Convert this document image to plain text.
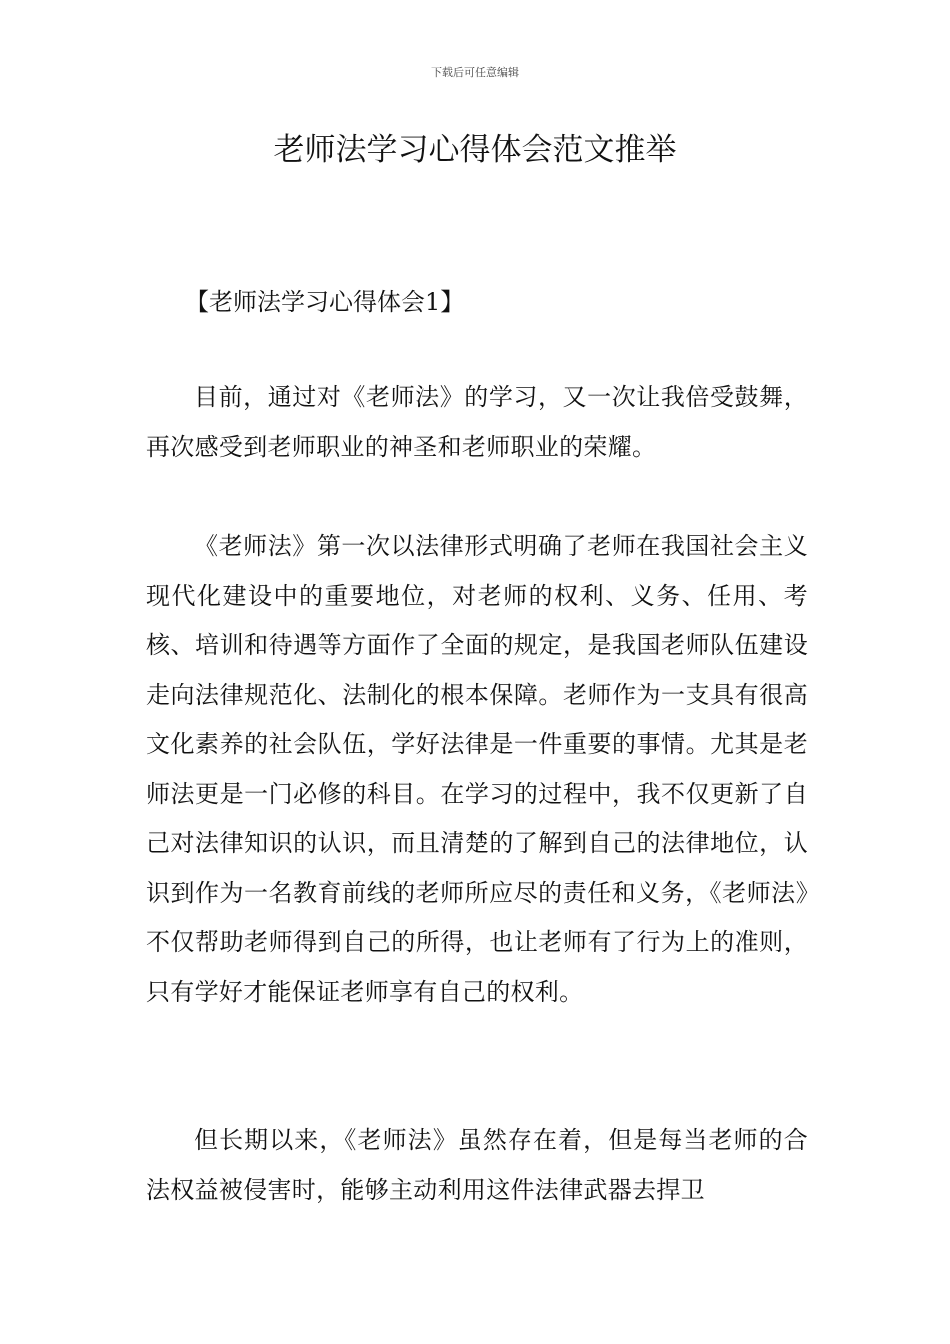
下载后可任意编辑
老师法学习心得体会范文推举

【老师法学习心得体会1】

目前，通过对《老师法》的学习，又一次让我倍受鼓舞，再次感受到老师职业的神圣和老师职业的荣耀。

《老师法》第一次以法律形式明确了老师在我国社会主义现代化建设中的重要地位，对老师的权利、义务、任用、考核、培训和待遇等方面作了全面的规定，是我国老师队伍建设走向法律规范化、法制化的根本保障。老师作为一支具有很高文化素养的社会队伍，学好法律是一件重要的事情。尤其是老师法更是一门必修的科目。在学习的过程中，我不仅更新了自己对法律知识的认识，而且清楚的了解到自己的法律地位，认识到作为一名教育前线的老师所应尽的责任和义务，《老师法》不仅帮助老师得到自己的所得，也让老师有了行为上的准则，只有学好才能保证老师享有自己的权利。

但长期以来，《老师法》虽然存在着，但是每当老师的合法权益被侵害时，能够主动利用这件法律武器去捍卫
